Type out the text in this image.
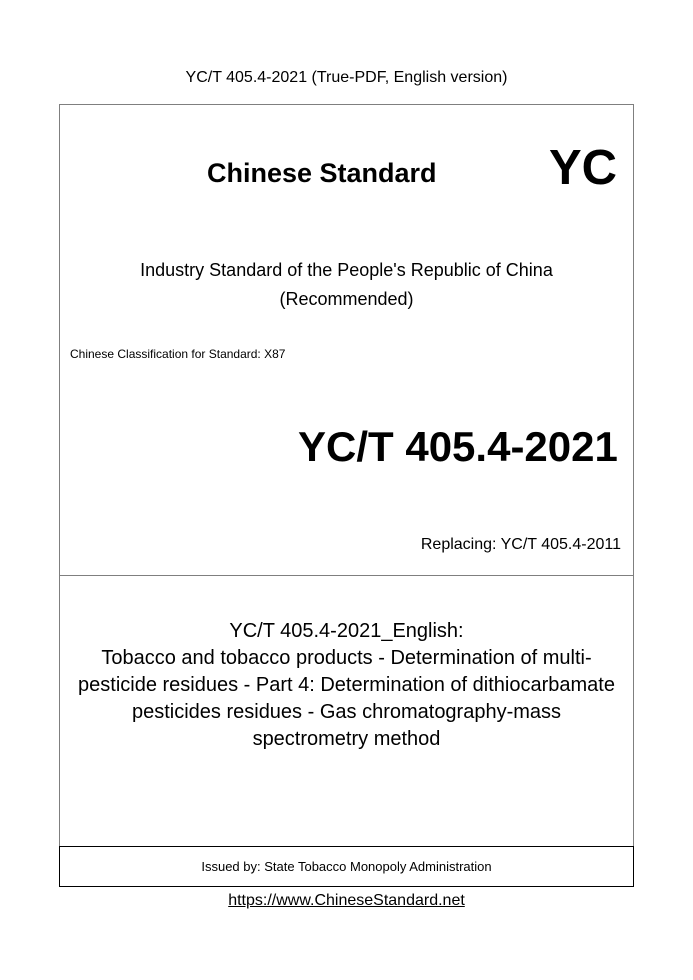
YC/T 405.4-2021 (True-PDF, English version)
Chinese Standard YC
Industry Standard of the People's Republic of China
(Recommended)
Chinese Classification for Standard: X87
YC/T 405.4-2021
Replacing: YC/T 405.4-2011
YC/T 405.4-2021_English:
Tobacco and tobacco products - Determination of multi-
pesticide residues - Part 4: Determination of dithiocarbamate
pesticides residues - Gas chromatography-mass
spectrometry method
Issued by: State Tobacco Monopoly Administration
https://www.ChineseStandard.net
